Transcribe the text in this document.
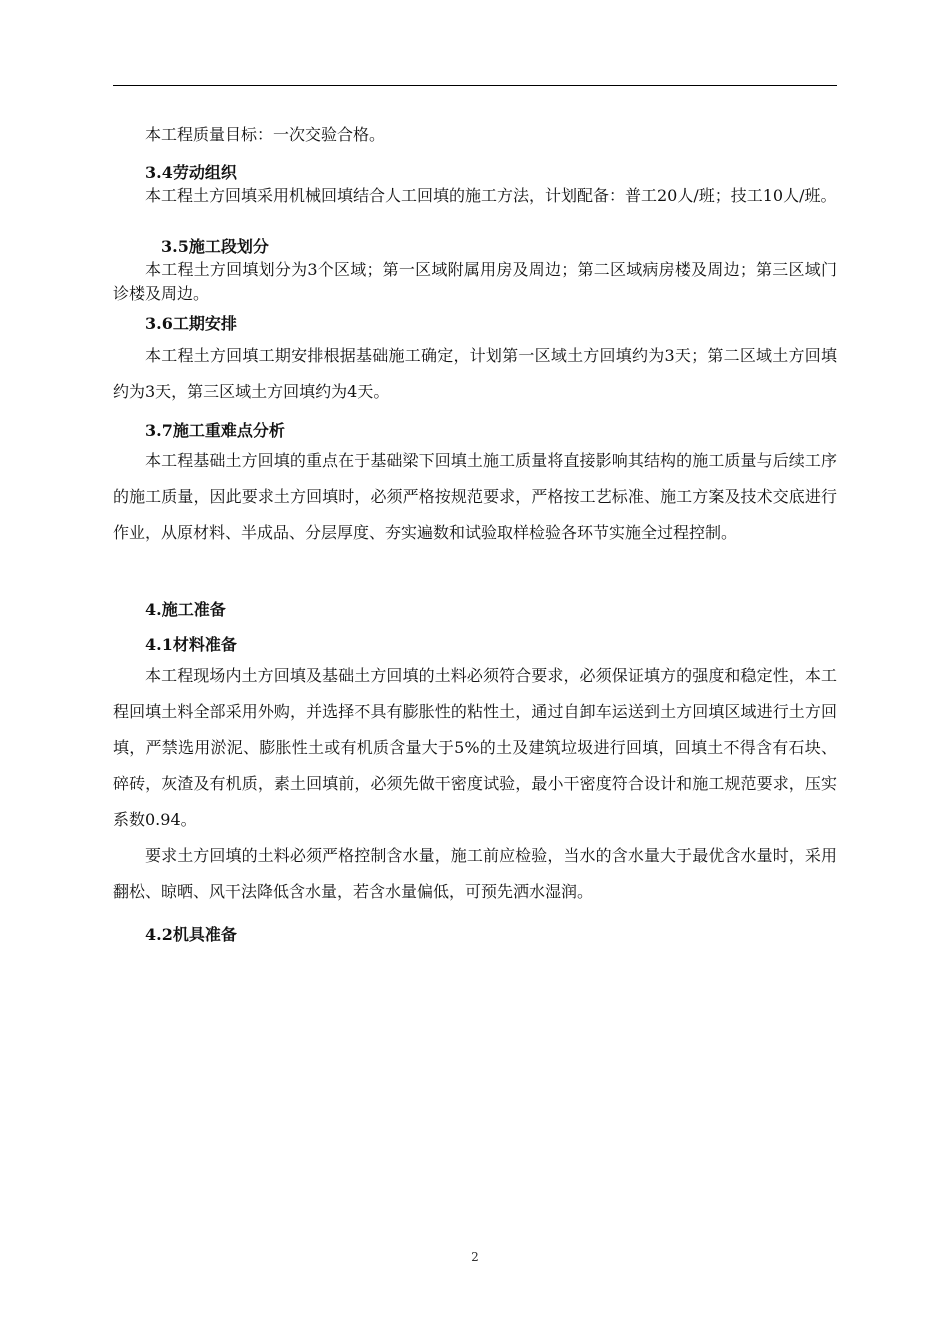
本工程质量目标：一次交验合格。

3.4劳动组织

本工程土方回填采用机械回填结合人工回填的施工方法，计划配备：普工20人/班；技工10人/班。

3.5施工段划分

本工程土方回填划分为3个区域；第一区域附属用房及周边；第二区域病房楼及周边；第三区域门诊楼及周边。

3.6工期安排

本工程土方回填工期安排根据基础施工确定，计划第一区域土方回填约为3天；第二区域土方回填约为3天，第三区域土方回填约为4天。

3.7施工重难点分析

本工程基础土方回填的重点在于基础梁下回填土施工质量将直接影响其结构的施工质量与后续工序的施工质量，因此要求土方回填时，必须严格按规范要求，严格按工艺标准、施工方案及技术交底进行作业，从原材料、半成品、分层厚度、夯实遍数和试验取样检验各环节实施全过程控制。

4.施工准备
4.1材料准备

本工程现场内土方回填及基础土方回填的土料必须符合要求，必须保证填方的强度和稳定性，本工程回填土料全部采用外购，并选择不具有膨胀性的粘性土，通过自卸车运送到土方回填区域进行土方回填，严禁选用淤泥、膨胀性土或有机质含量大于5%的土及建筑垃圾进行回填，回填土不得含有石块、碎砖，灰渣及有机质，素土回填前，必须先做干密度试验，最小干密度符合设计和施工规范要求，压实系数0.94。

要求土方回填的土料必须严格控制含水量，施工前应检验，当水的含水量大于最优含水量时，采用翻松、晾晒、风干法降低含水量，若含水量偏低，可预先洒水湿润。

4.2机具准备
2
